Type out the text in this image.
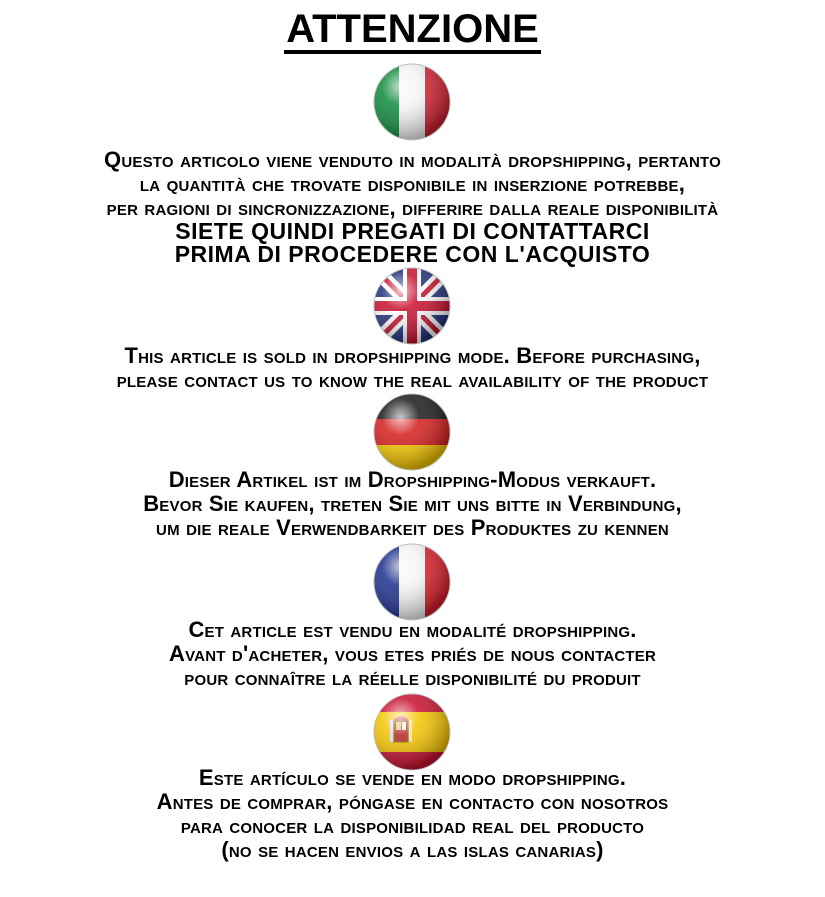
ATTENZIONE
Questo articolo viene venduto in modalità dropshipping, pertanto
la quantità che trovate disponibile in inserzione potrebbe,
per ragioni di sincronizzazione, differire dalla reale disponibilità
SIETE QUINDI PREGATI DI CONTATTARCI
PRIMA DI PROCEDERE CON L'ACQUISTO
This article is sold in dropshipping mode. Before purchasing,
please contact us to know the real availability of the product
Dieser Artikel ist im Dropshipping-Modus verkauft.
Bevor Sie kaufen, treten Sie mit uns bitte in Verbindung,
um die reale Verwendbarkeit des Produktes zu kennen
Cet article est vendu en modalité dropshipping.
Avant d'acheter, vous etes priés de nous contacter
pour connaître la réelle disponibilité du produit
Este artículo se vende en modo dropshipping.
Antes de comprar, póngase en contacto con nosotros
para conocer la disponibilidad real del producto
(no se hacen envios a las islas canarias)
